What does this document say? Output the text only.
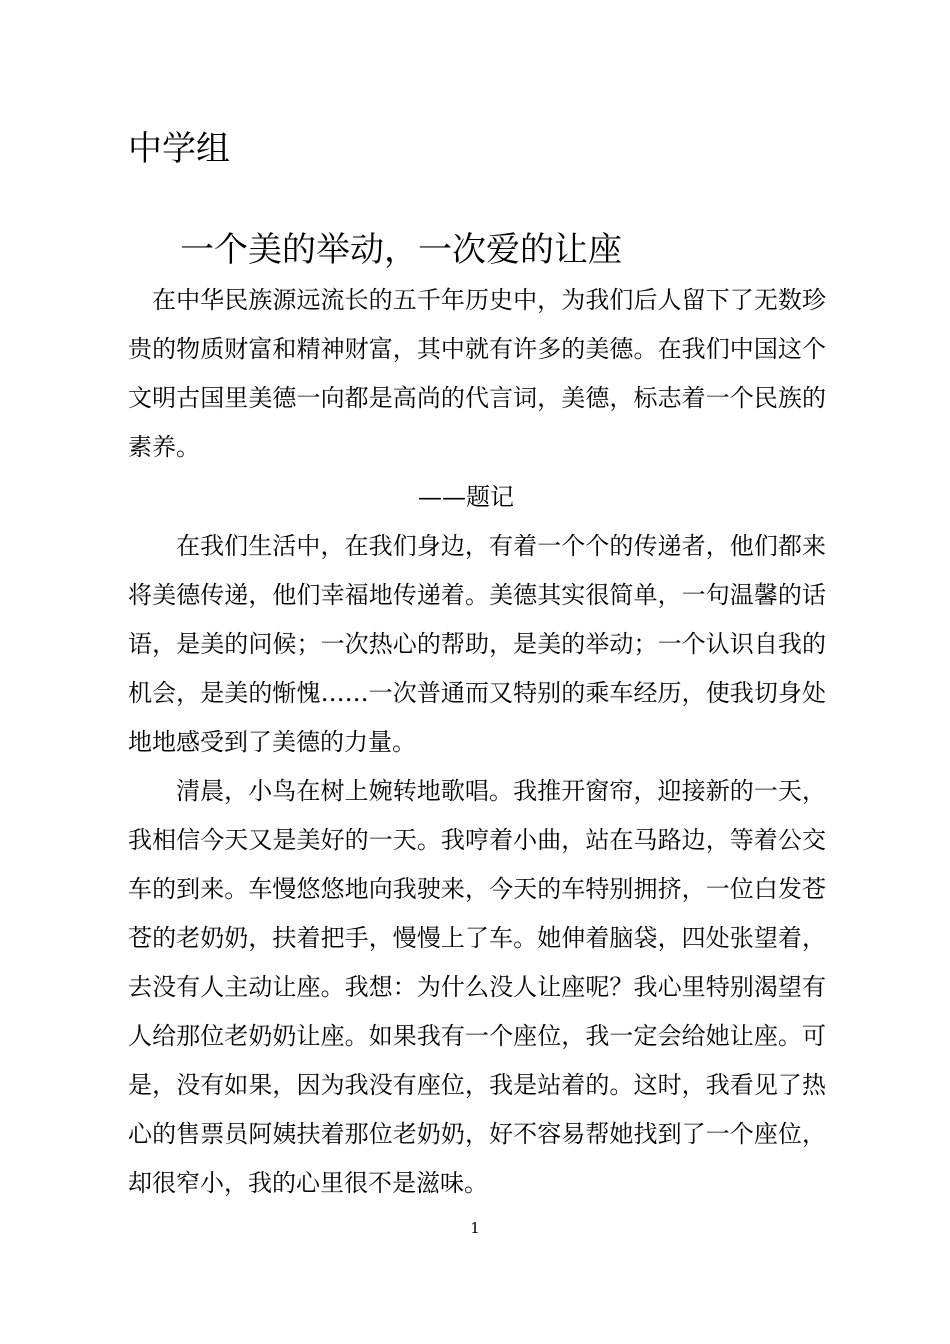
中学组
一个美的举动，一次爱的让座

在中华民族源远流长的五千年历史中，为我们后人留下了无数珍贵的物质财富和精神财富，其中就有许多的美德。在我们中国这个文明古国里美德一向都是高尚的代言词，美德，标志着一个民族的素养。

——题记

在我们生活中，在我们身边，有着一个个的传递者，他们都来将美德传递，他们幸福地传递着。美德其实很简单，一句温馨的话语，是美的问候；一次热心的帮助，是美的举动；一个认识自我的机会，是美的惭愧……一次普通而又特别的乘车经历，使我切身处地地感受到了美德的力量。

清晨，小鸟在树上婉转地歌唱。我推开窗帘，迎接新的一天，我相信今天又是美好的一天。我哼着小曲，站在马路边，等着公交车的到来。车慢悠悠地向我驶来，今天的车特别拥挤，一位白发苍苍的老奶奶，扶着把手，慢慢上了车。她伸着脑袋，四处张望着，去没有人主动让座。我想：为什么没人让座呢？我心里特别渴望有人给那位老奶奶让座。如果我有一个座位，我一定会给她让座。可是，没有如果，因为我没有座位，我是站着的。这时，我看见了热心的售票员阿姨扶着那位老奶奶，好不容易帮她找到了一个座位，却很窄小，我的心里很不是滋味。

1
